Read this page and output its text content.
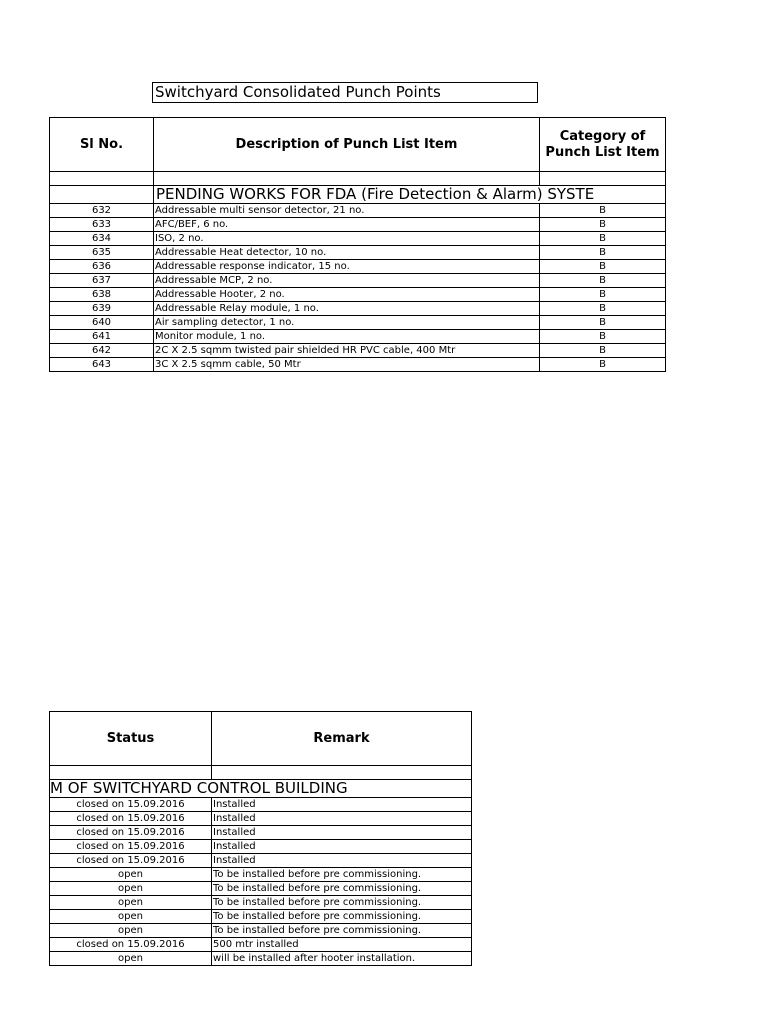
Switchyard Consolidated Punch Points
Sl No.	Description of Punch List Item	Category of Punch List Item

	PENDING WORKS FOR FDA (Fire Detection & Alarm) SYSTE	
632	Addressable multi sensor detector, 21 no.	B
633	AFC/BEF, 6 no.	B
634	ISO, 2 no.	B
635	Addressable Heat detector, 10 no.	B
636	Addressable response indicator, 15 no.	B
637	Addressable MCP, 2 no.	B
638	Addressable Hooter, 2 no.	B
639	Addressable Relay module, 1 no.	B
640	Air sampling detector, 1 no.	B
641	Monitor module, 1 no.	B
642	2C X 2.5 sqmm twisted pair shielded HR PVC cable, 400 Mtr	B
643	3C X 2.5 sqmm cable, 50 Mtr	B
Status	Remark

M OF SWITCHYARD CONTROL BUILDING	
closed on 15.09.2016	Installed
closed on 15.09.2016	Installed
closed on 15.09.2016	Installed
closed on 15.09.2016	Installed
closed on 15.09.2016	Installed
open	To be installed before pre commissioning.
open	To be installed before pre commissioning.
open	To be installed before pre commissioning.
open	To be installed before pre commissioning.
open	To be installed before pre commissioning.
closed on 15.09.2016	500 mtr installed
open	will be installed after hooter installation.
